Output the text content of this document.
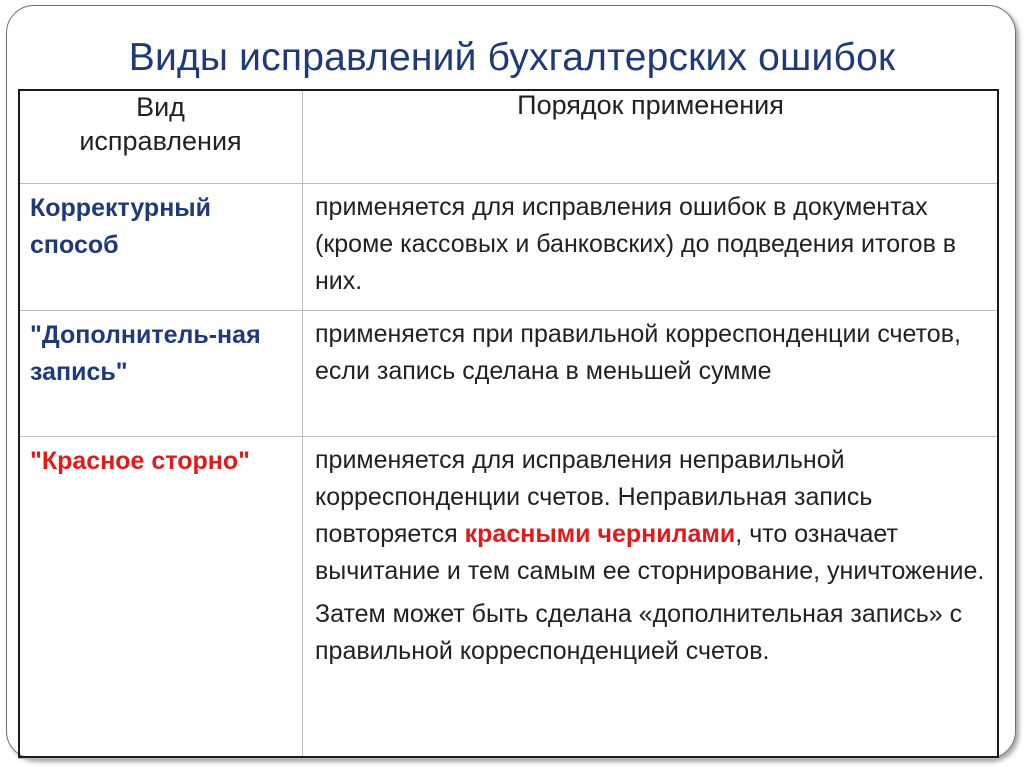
Виды исправлений бухгалтерских ошибок
Вид
исправления	Порядок применения
Корректурный способ	применяется для исправления ошибок в документах (кроме кассовых и банковских) до подведения итогов в них.
"Дополнитель-ная запись"	применяется при правильной корреспонденции счетов, если запись сделана в меньшей сумме
"Красное сторно"	применяется для исправления неправильной корреспонденции счетов. Неправильная запись повторяется красными чернилами, что означает вычитание и тем самым ее сторнирование, уничтожение.
Затем может быть сделана «дополнительная запись» с правильной корреспонденцией счетов.
